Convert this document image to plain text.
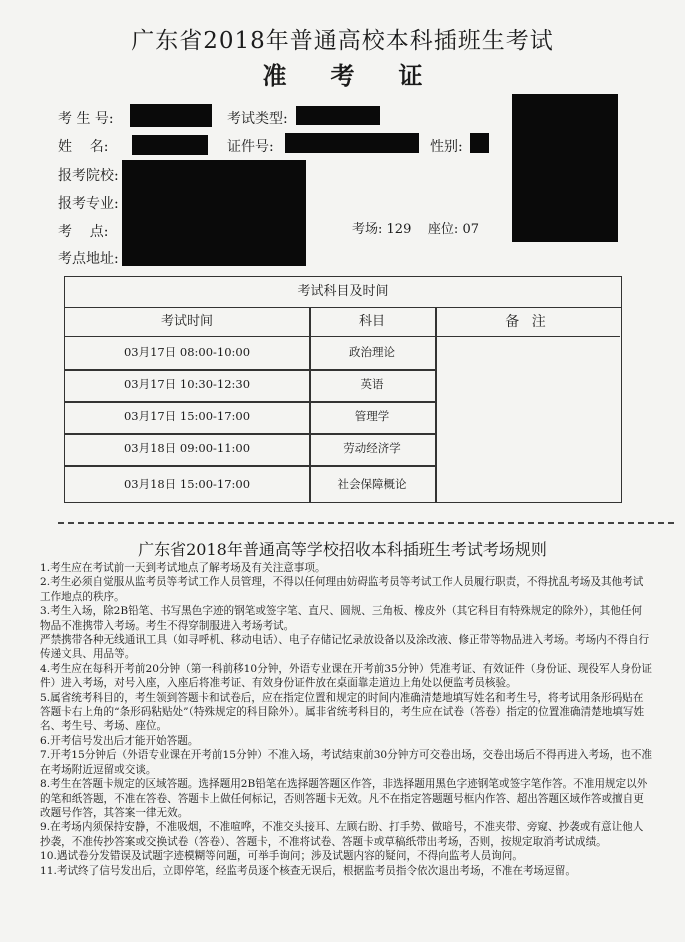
广东省2018年普通高校本科插班生考试
准考证
考 生 号:	考试类型:
姓    名:	证件号:	性别:
报考院校:
报考专业:
考    点:
考点地址:
考场: 129 座位: 07
考试科目及时间
考试时间	科目	备 注
03月17日 08:00-10:00	政治理论
03月17日 10:30-12:30	英语
03月17日 15:00-17:00	管理学
03月18日 09:00-11:00	劳动经济学
03月18日 15:00-17:00	社会保障概论
广东省2018年普通高等学校招收本科插班生考试考场规则

1.考生应在考试前一天到考试地点了解考场及有关注意事项。

2.考生必须自觉服从监考员等考试工作人员管理，不得以任何理由妨碍监考员等考试工作人员履行职责，不得扰乱考场及其他考试工作地点的秩序。

3.考生入场，除2B铅笔、书写黑色字迹的钢笔或签字笔、直尺、圆规、三角板、橡皮外（其它科目有特殊规定的除外），其他任何物品不准携带入考场。考生不得穿制服进入考场考试。

严禁携带各种无线通讯工具（如寻呼机、移动电话）、电子存储记忆录放设备以及涂改液、修正带等物品进入考场。考场内不得自行传递文具、用品等。

4.考生应在每科开考前20分钟（第一科前移10分钟，外语专业课在开考前35分钟）凭准考证、有效证件（身份证、现役军人身份证件）进入考场，对号入座，入座后将准考证、有效身份证件放在桌面靠走道边上角处以便监考员核验。

5.属省统考科目的，考生领到答题卡和试卷后，应在指定位置和规定的时间内准确清楚地填写姓名和考生号，将考试用条形码贴在答题卡右上角的“条形码粘贴处”（特殊规定的科目除外）。属非省统考科目的，考生应在试卷（答卷）指定的位置准确清楚地填写姓名、考生号、考场、座位。

6.开考信号发出后才能开始答题。

7.开考15分钟后（外语专业课在开考前15分钟）不准入场，考试结束前30分钟方可交卷出场，交卷出场后不得再进入考场，也不准在考场附近逗留或交谈。

8.考生在答题卡规定的区域答题。选择题用2B铅笔在选择题答题区作答，非选择题用黑色字迹钢笔或签字笔作答。不准用规定以外的笔和纸答题，不准在答卷、答题卡上做任何标记，否则答题卡无效。凡不在指定答题题号框内作答、超出答题区域作答或擅自更改题号作答，其答案一律无效。

9.在考场内须保持安静，不准吸烟，不准喧哗，不准交头接耳、左顾右盼、打手势、做暗号，不准夹带、旁窥、抄袭或有意让他人抄袭，不准传抄答案或交换试卷（答卷）、答题卡，不准将试卷、答题卡或草稿纸带出考场，否则，按规定取消考试成绩。

10.遇试卷分发错误及试题字迹模糊等问题，可举手询问；涉及试题内容的疑问，不得向监考人员询问。

11.考试终了信号发出后，立即停笔，经监考员逐个核查无误后，根据监考员指令依次退出考场，不准在考场逗留。
